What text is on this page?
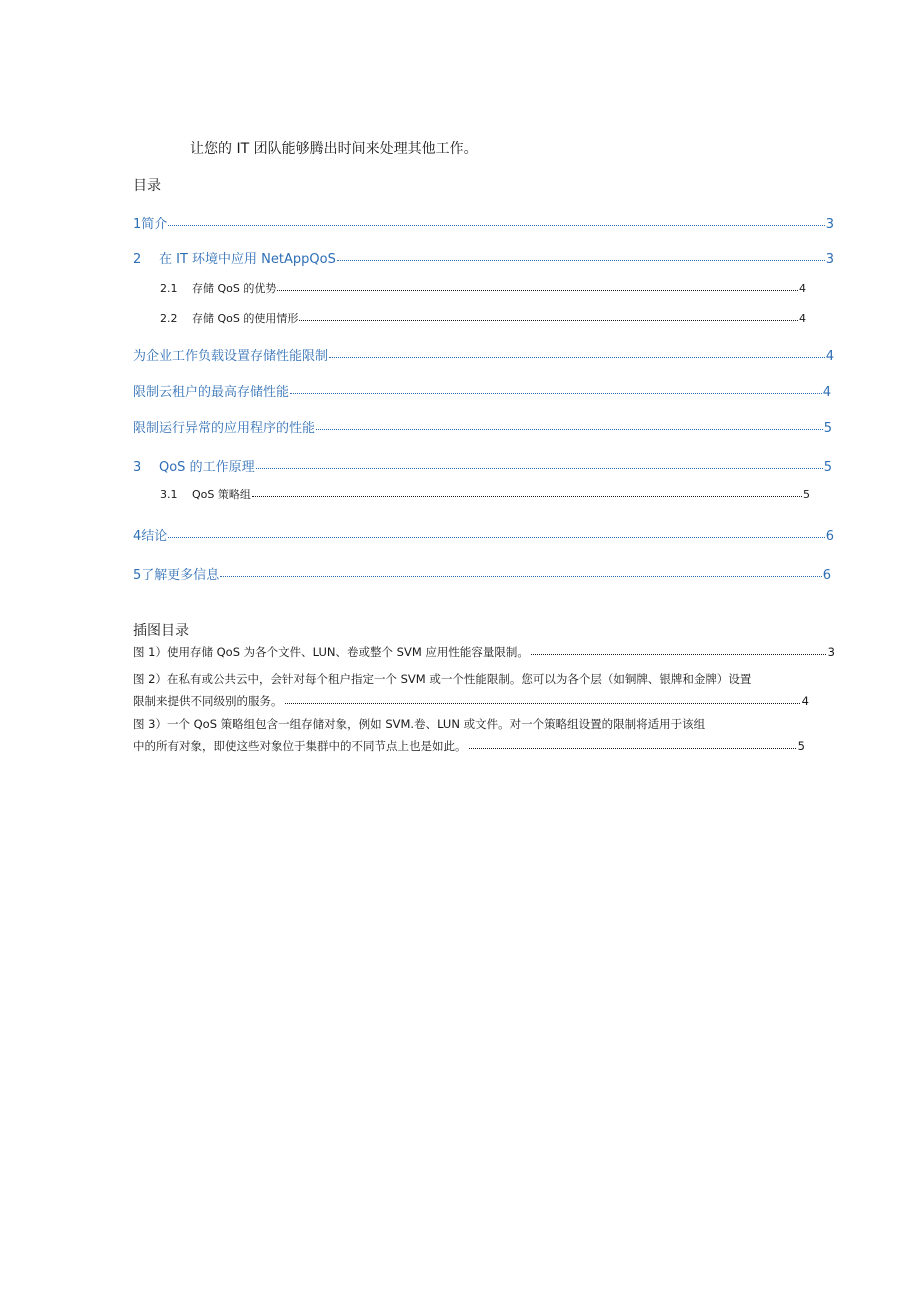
让您的 IT 团队能够腾出时间来处理其他工作。
目录
1 简介	3
2	在 IT 环境中应用 NetAppQoS	3
2.1	存储 QoS 的优势	4
2.2	存储 QoS 的使用情形	4
为企业工作负载设置存储性能限制	4
限制云租户的最高存储性能	4
限制运行异常的应用程序的性能	5
3	QoS 的工作原理	5
3.1	QoS 策略组	5
4 结论	6
5 了解更多信息	6
插图目录
图 1）使用存储 QoS 为各个文件、LUN、卷或整个 SVM 应用性能容量限制。	3
图 2）在私有或公共云中，会针对每个租户指定一个 SVM 或一个性能限制。您可以为各个层（如铜牌、银牌和金牌）设置
限制来提供不同级别的服务。	4
图 3）一个 QoS 策略组包含一组存储对象，例如 SVM.卷、LUN 或文件。对一个策略组设置的限制将适用于该组
中的所有对象，即使这些对象位于集群中的不同节点上也是如此。	5
